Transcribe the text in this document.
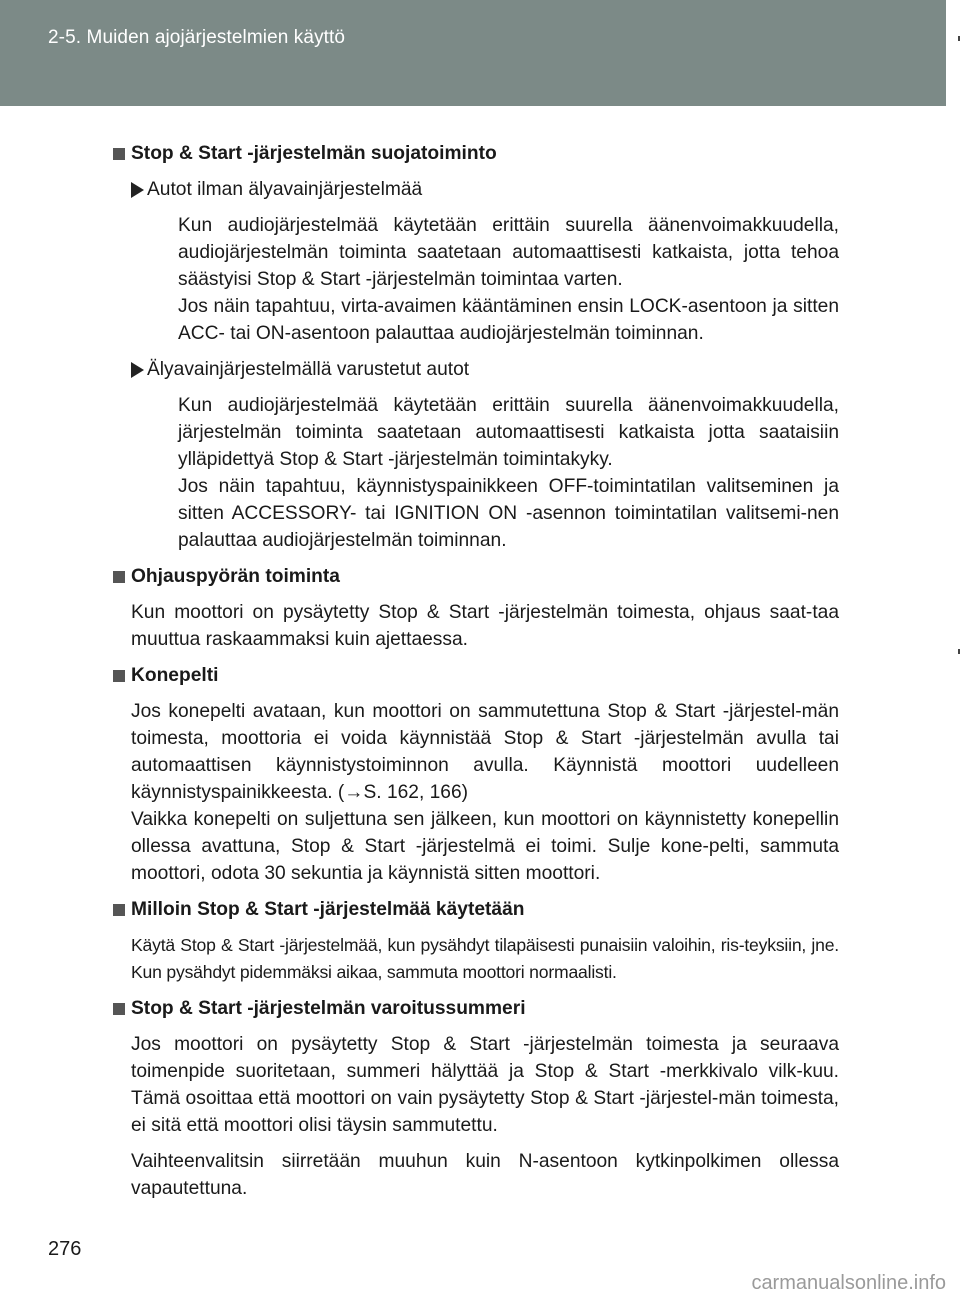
2-5. Muiden ajojärjestelmien käyttö
Stop & Start -järjestelmän suojatoiminto
Autot ilman älyavainjärjestelmää

Kun audiojärjestelmää käytetään erittäin suurella äänenvoimakkuudella, audiojärjestelmän toiminta saatetaan automaattisesti katkaista, jotta tehoa säästyisi Stop & Start -järjestelmän toimintaa varten.
Jos näin tapahtuu, virta-avaimen kääntäminen ensin LOCK-asentoon ja sitten ACC- tai ON-asentoon palauttaa audiojärjestelmän toiminnan.

Älyavainjärjestelmällä varustetut autot

Kun audiojärjestelmää käytetään erittäin suurella äänenvoimakkuudella, järjestelmän toiminta saatetaan automaattisesti katkaista jotta saataisiin ylläpidettyä Stop & Start -järjestelmän toimintakyky.
Jos näin tapahtuu, käynnistyspainikkeen OFF-toimintatilan valitseminen ja sitten ACCESSORY- tai IGNITION ON -asennon toimintatilan valitsemi-nen palauttaa audiojärjestelmän toiminnan.

Ohjauspyörän toiminta

Kun moottori on pysäytetty Stop & Start -järjestelmän toimesta, ohjaus saat-taa muuttua raskaammaksi kuin ajettaessa.

Konepelti

Jos konepelti avataan, kun moottori on sammutettuna Stop & Start -järjestel-män toimesta, moottoria ei voida käynnistää Stop & Start -järjestelmän avulla tai automaattisen käynnistystoiminnon avulla. Käynnistä moottori uudelleen käynnistyspainikkeesta. (→S. 162, 166)
Vaikka konepelti on suljettuna sen jälkeen, kun moottori on käynnistetty konepellin ollessa avattuna, Stop & Start -järjestelmä ei toimi. Sulje kone-pelti, sammuta moottori, odota 30 sekuntia ja käynnistä sitten moottori.

Milloin Stop & Start -järjestelmää käytetään

Käytä Stop & Start -järjestelmää, kun pysähdyt tilapäisesti punaisiin valoihin, ris-teyksiin, jne. Kun pysähdyt pidemmäksi aikaa, sammuta moottori normaalisti.

Stop & Start -järjestelmän varoitussummeri

Jos moottori on pysäytetty Stop & Start -järjestelmän toimesta ja seuraava toimenpide suoritetaan, summeri hälyttää ja Stop & Start -merkkivalo vilk-kuu. Tämä osoittaa että moottori on vain pysäytetty Stop & Start -järjestel-män toimesta, ei sitä että moottori olisi täysin sammutettu.

Vaihteenvalitsin siirretään muuhun kuin N-asentoon kytkinpolkimen ollessa vapautettuna.

276
carmanualsonline.info
